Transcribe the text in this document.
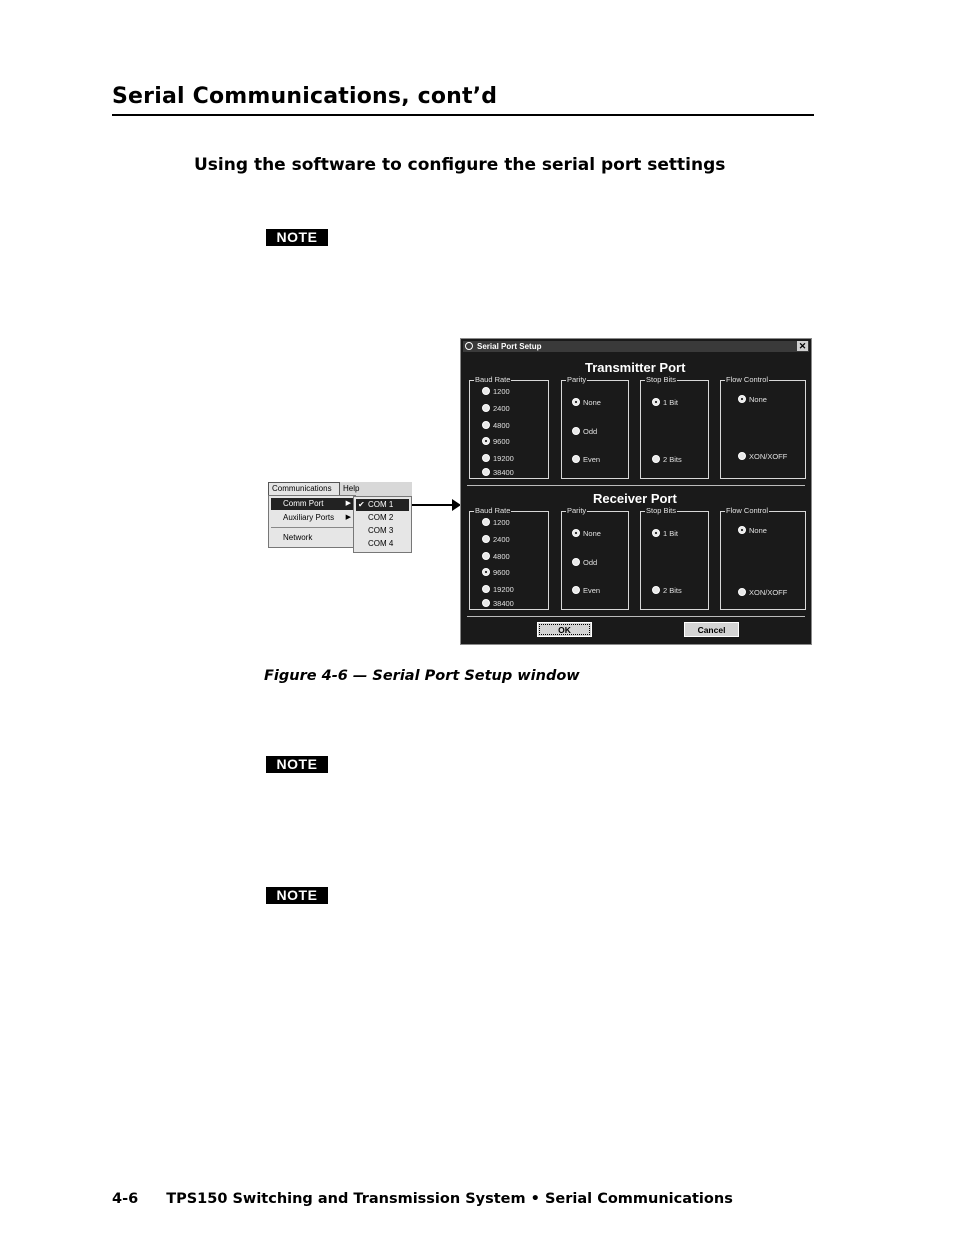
Serial Communications, cont’d
Using the software to configure the serial port settings
NOTE
NOTE
NOTE
Communications	Help
Comm Port	▶
Auxiliary Ports ▶
Network
✔ COM 1
COM 2
COM 3
COM 4
Serial Port Setup	✕
Transmitter Port
Baud Rate
1200
2400
4800
9600
19200
38400
Parity
None
Odd
Even
Stop Bits
1 Bit
2 Bits
Flow Control
None
XON/XOFF
Receiver Port
Baud Rate
1200
2400
4800
9600
19200
38400
Parity
None
Odd
Even
Stop Bits
1 Bit
2 Bits
Flow Control
None
XON/XOFF
OK	Cancel
Figure 4-6 — Serial Port Setup window
4-6 TPS150 Switching and Transmission System • Serial Communications
